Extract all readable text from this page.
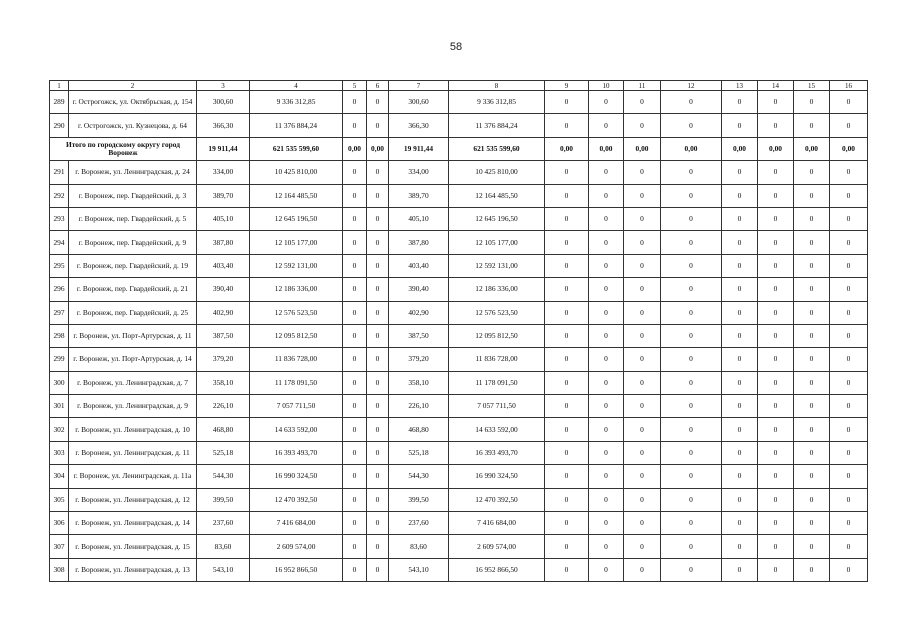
58
1	2	3	4	5	6	7	8	9	10	11	12	13	14	15	16
289	г. Острогожск, ул. Октябрьская, д. 154	300,60	9 336 312,85	0	0	300,60	9 336 312,85	0	0	0	0	0	0	0	0
290	г. Острогожск, ул. Кузнецова, д. 64	366,30	11 376 884,24	0	0	366,30	11 376 884,24	0	0	0	0	0	0	0	0
Итого по городскому округу город Воронеж		19 911,44	621 535 599,60	0,00	0,00	19 911,44	621 535 599,60	0,00	0,00	0,00	0,00	0,00	0,00	0,00	0,00
291	г. Воронеж, ул. Ленинградская, д. 24	334,00	10 425 810,00	0	0	334,00	10 425 810,00	0	0	0	0	0	0	0	0
292	г. Воронеж, пер. Гвардейский, д. 3	389,70	12 164 485,50	0	0	389,70	12 164 485,50	0	0	0	0	0	0	0	0
293	г. Воронеж, пер. Гвардейский, д. 5	405,10	12 645 196,50	0	0	405,10	12 645 196,50	0	0	0	0	0	0	0	0
294	г. Воронеж, пер. Гвардейский, д. 9	387,80	12 105 177,00	0	0	387,80	12 105 177,00	0	0	0	0	0	0	0	0
295	г. Воронеж, пер. Гвардейский, д. 19	403,40	12 592 131,00	0	0	403,40	12 592 131,00	0	0	0	0	0	0	0	0
296	г. Воронеж, пер. Гвардейский, д. 21	390,40	12 186 336,00	0	0	390,40	12 186 336,00	0	0	0	0	0	0	0	0
297	г. Воронеж, пер. Гвардейский, д. 25	402,90	12 576 523,50	0	0	402,90	12 576 523,50	0	0	0	0	0	0	0	0
298	г. Воронеж, ул. Порт-Артурская, д. 11	387,50	12 095 812,50	0	0	387,50	12 095 812,50	0	0	0	0	0	0	0	0
299	г. Воронеж, ул. Порт-Артурская, д. 14	379,20	11 836 728,00	0	0	379,20	11 836 728,00	0	0	0	0	0	0	0	0
300	г. Воронеж, ул. Ленинградская, д. 7	358,10	11 178 091,50	0	0	358,10	11 178 091,50	0	0	0	0	0	0	0	0
301	г. Воронеж, ул. Ленинградская, д. 9	226,10	7 057 711,50	0	0	226,10	7 057 711,50	0	0	0	0	0	0	0	0
302	г. Воронеж, ул. Ленинградская, д. 10	468,80	14 633 592,00	0	0	468,80	14 633 592,00	0	0	0	0	0	0	0	0
303	г. Воронеж, ул. Ленинградская, д. 11	525,18	16 393 493,70	0	0	525,18	16 393 493,70	0	0	0	0	0	0	0	0
304	г. Воронеж, ул. Ленинградская, д. 11а	544,30	16 990 324,50	0	0	544,30	16 990 324,50	0	0	0	0	0	0	0	0
305	г. Воронеж, ул. Ленинградская, д. 12	399,50	12 470 392,50	0	0	399,50	12 470 392,50	0	0	0	0	0	0	0	0
306	г. Воронеж, ул. Ленинградская, д. 14	237,60	7 416 684,00	0	0	237,60	7 416 684,00	0	0	0	0	0	0	0	0
307	г. Воронеж, ул. Ленинградская, д. 15	83,60	2 609 574,00	0	0	83,60	2 609 574,00	0	0	0	0	0	0	0	0
308	г. Воронеж, ул. Ленинградская, д. 13	543,10	16 952 866,50	0	0	543,10	16 952 866,50	0	0	0	0	0	0	0	0
